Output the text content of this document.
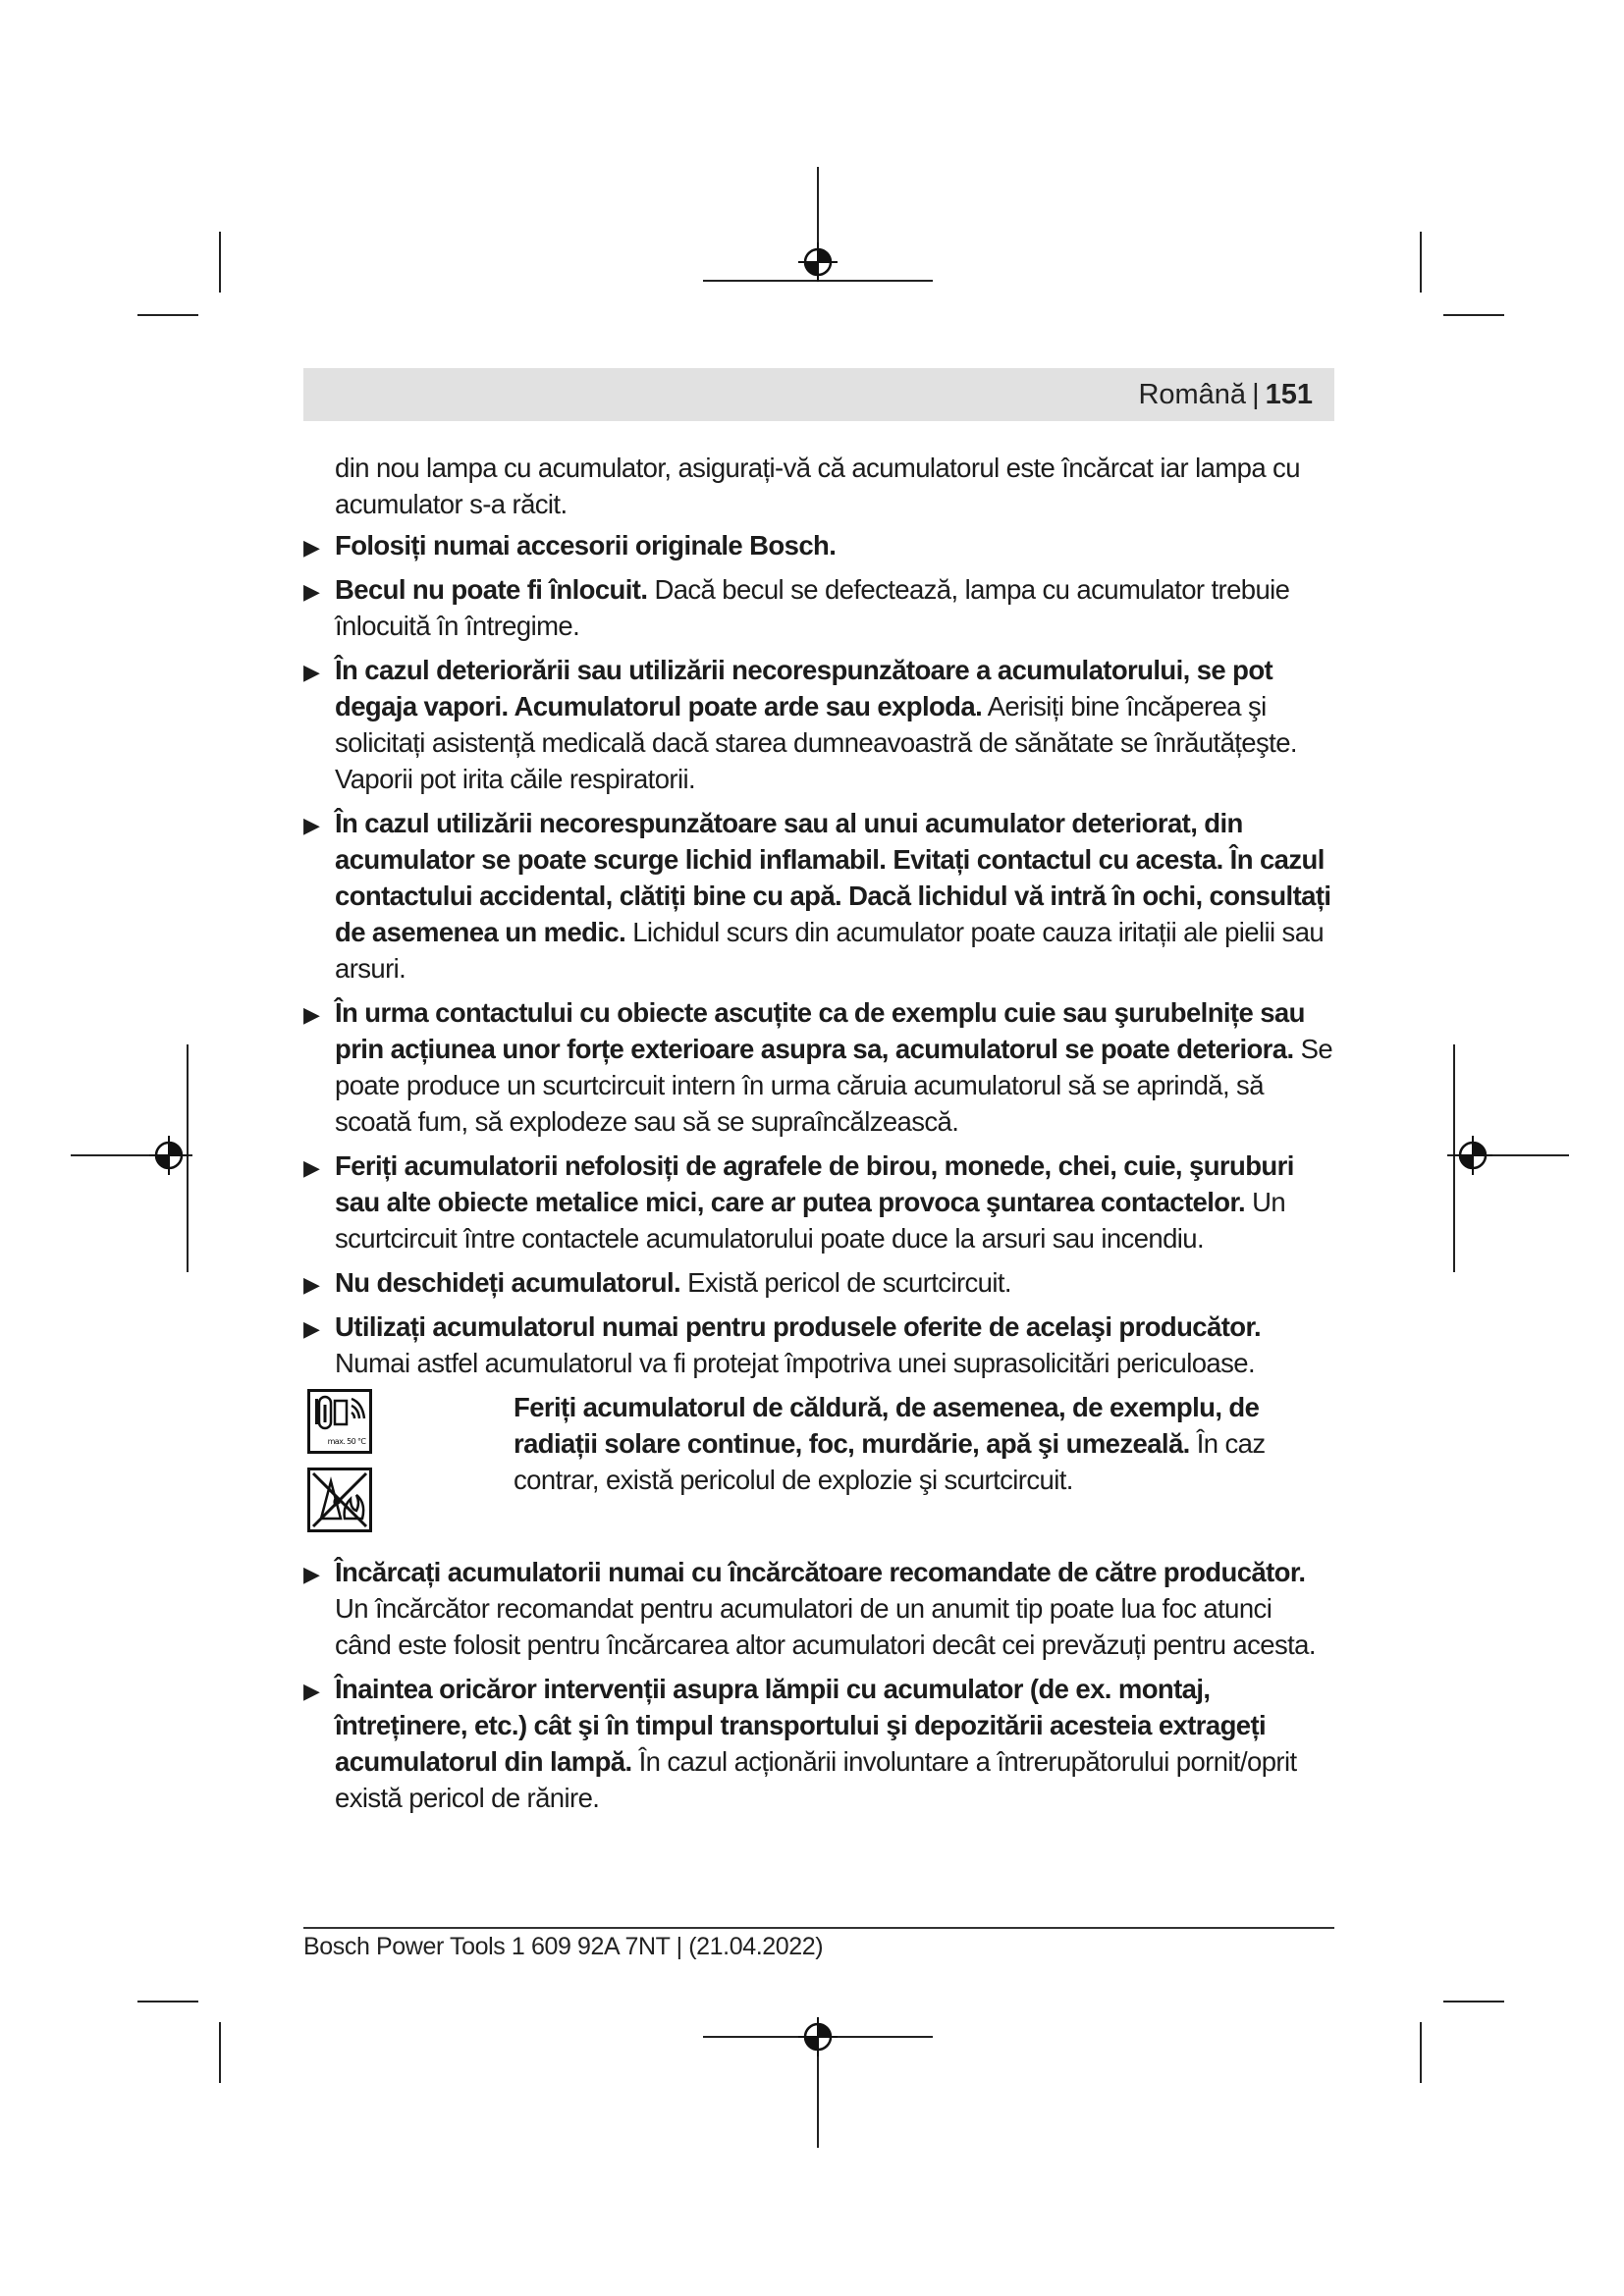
Română | 151
din nou lampa cu acumulator, asigurați-vă că acumulatorul este încărcat iar lampa cu acumulator s-a răcit.
▶ Folosiți numai accesorii originale Bosch.
▶ Becul nu poate fi înlocuit. Dacă becul se defectează, lampa cu acumulator trebuie înlocuită în întregime.
▶ În cazul deteriorării sau utilizării necorespunzătoare a acumulatorului, se pot degaja vapori. Acumulatorul poate arde sau exploda. Aerisiți bine încăperea şi solicitați asistență medicală dacă starea dumneavoastră de sănătate se înrăutățeşte. Vaporii pot irita căile respiratorii.
▶ În cazul utilizării necorespunzătoare sau al unui acumulator deteriorat, din acumulator se poate scurge lichid inflamabil. Evitați contactul cu acesta. În cazul contactului accidental, clătiți bine cu apă. Dacă lichidul vă intră în ochi, consultați de asemenea un medic. Lichidul scurs din acumulator poate cauza iritații ale pielii sau arsuri.
▶ În urma contactului cu obiecte ascuțite ca de exemplu cuie sau şurubelnițe sau prin acțiunea unor forțe exterioare asupra sa, acumulatorul se poate deteriora. Se poate produce un scurtcircuit intern în urma căruia acumulatorul să se aprindă, să scoată fum, să explodeze sau să se supraîncălzească.
▶ Feriți acumulatorii nefolosiți de agrafele de birou, monede, chei, cuie, şuruburi sau alte obiecte metalice mici, care ar putea provoca şuntarea contactelor. Un scurtcircuit între contactele acumulatorului poate duce la arsuri sau incendiu.
▶ Nu deschideți acumulatorul. Există pericol de scurtcircuit.
▶ Utilizați acumulatorul numai pentru produsele oferite de acelaşi producător. Numai astfel acumulatorul va fi protejat împotriva unei suprasolicitări periculoase.
max. 50 °C
Feriți acumulatorul de căldură, de asemenea, de exemplu, de radiații solare continue, foc, murdărie, apă şi umezeală. În caz contrar, există pericolul de explozie şi scurtcircuit.
▶ Încărcați acumulatorii numai cu încărcătoare recomandate de către producător. Un încărcător recomandat pentru acumulatori de un anumit tip poate lua foc atunci când este folosit pentru încărcarea altor acumulatori decât cei prevăzuți pentru acesta.
▶ Înaintea oricăror intervenții asupra lămpii cu acumulator (de ex. montaj, întreținere, etc.) cât şi în timpul transportului şi depozitării acesteia extrageți acumulatorul din lampă. În cazul acționării involuntare a întrerupătorului pornit/oprit există pericol de rănire.
Bosch Power Tools 1 609 92A 7NT | (21.04.2022)
